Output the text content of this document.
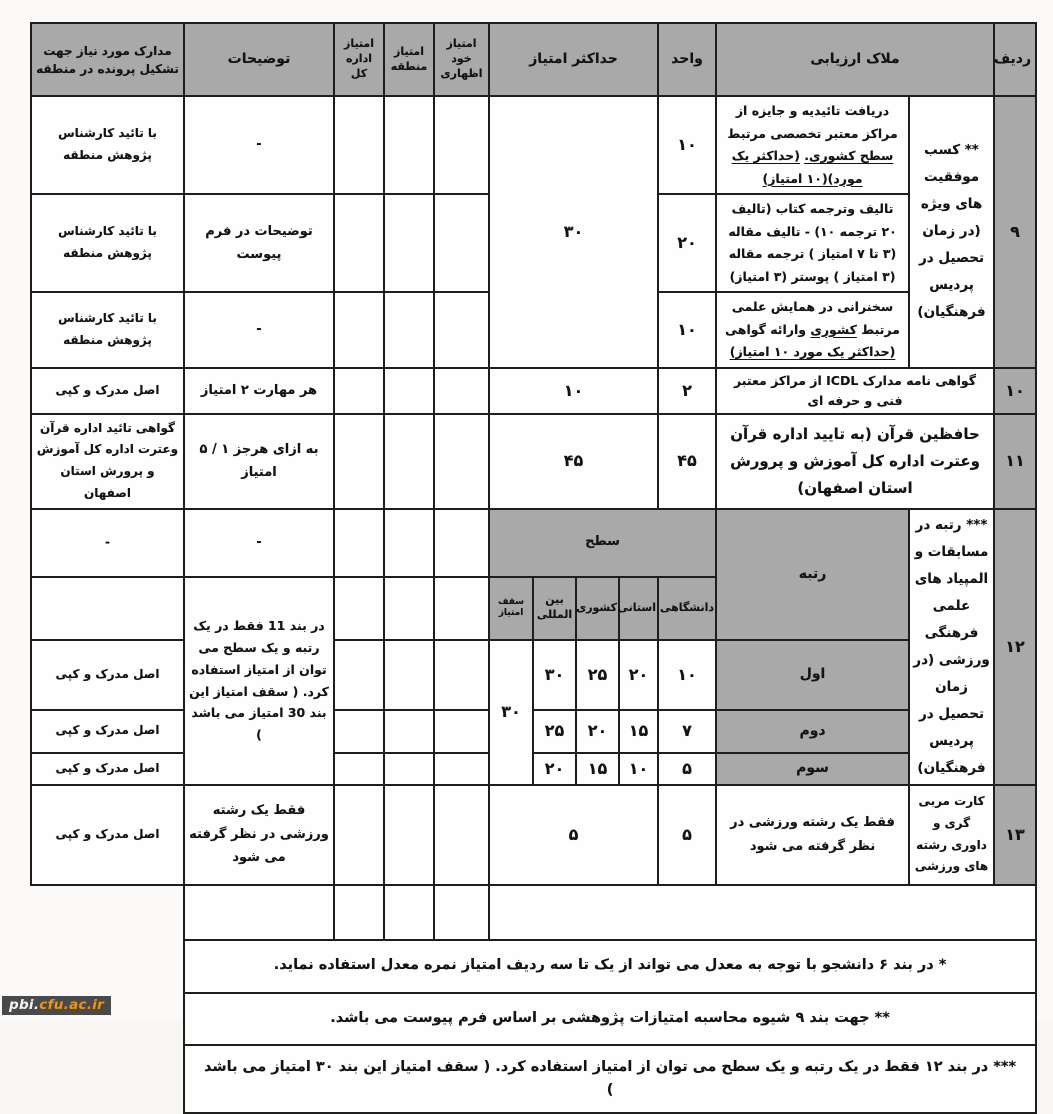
ردیف	ملاک ارزیابی		واحد	حداکثر امتیاز				امتیاز خود اظهاری	امتیاز منطقه	امتیاز اداره کل	توضیحات	مدارک مورد نیاز جهت تشکیل پرونده در منطقه
۹	** کسب موفقیت های ویژه (در زمان تحصیل در پردیس فرهنگیان)	دریافت تائیدیه و جایزه از مراکز معتبر تخصصی مرتبط سطح کشوری. (حداکثر یک مورد)(۱۰ امتیاز)	۱۰	۳۰							-	با تائید کارشناس پژوهش منطقه
		تالیف وترجمه کتاب (تالیف ۲۰ ترجمه ۱۰) - تالیف مقاله (۳ تا ۷ امتیاز ) ترجمه مقاله (۳ امتیاز ) پوستر (۳ امتیاز)	۲۰								توضیحات در فرم پیوست	با تائید کارشناس پژوهش منطقه
		سخنرانی در همایش علمی مرتبط کشوری وارائه گواهی (حداکثر یک مورد ۱۰ امتیاز)	۱۰								-	با تائید کارشناس پژوهش منطقه
۱۰	گواهی نامه مدارک ICDL از مراکز معتبر فنی و حرفه ای		۲	۱۰							هر مهارت ۲ امتیاز	اصل مدرک و کپی
۱۱	حافظین قرآن (به تایید اداره قرآن وعترت اداره کل آموزش و پرورش استان اصفهان)		۴۵	۴۵							به ازای هرجز ۱ / ۵ امتیاز	گواهی تائید اداره قرآن وعترت اداره کل آموزش و پرورش استان اصفهان
۱۲	*** رتبه در مسابقات و المپیاد های علمی فرهنگی ورزشی (در زمان تحصیل در پردیس فرهنگیان)	رتبه	سطح								-	-
			دانشگاهی	استانی	کشوری	بین المللی	سقف امتیاز				در بند 11 فقط در یک رتبه و یک سطح می توان از امتیاز استفاده کرد. ( سقف امتیاز این بند 30 امتیاز می باشد )	
		اول	۱۰	۲۰	۲۵	۳۰	۳۰					اصل مدرک و کپی
		دوم	۷	۱۵	۲۰	۲۵						اصل مدرک و کپی
		سوم	۵	۱۰	۱۵	۲۰						اصل مدرک و کپی
۱۳	کارت مربی گری و داوری رشته های ورزشی	فقط یک رشته ورزشی در نظر گرفته می شود	۵	۵							فقط یک رشته ورزشی در نظر گرفته می شود	اصل مدرک و کپی

* در بند ۶ دانشجو با توجه به معدل می تواند از یک تا سه ردیف امتیاز نمره معدل استفاده نماید.												
** جهت بند ۹ شیوه محاسبه امتیازات پژوهشی بر اساس فرم پیوست می باشد.												
*** در بند ۱۲ فقط در یک رتبه و یک سطح می توان از امتیاز استفاده کرد. ( سقف امتیاز این بند ۳۰ امتیاز می باشد )												
pbi.cfu.ac.ir
